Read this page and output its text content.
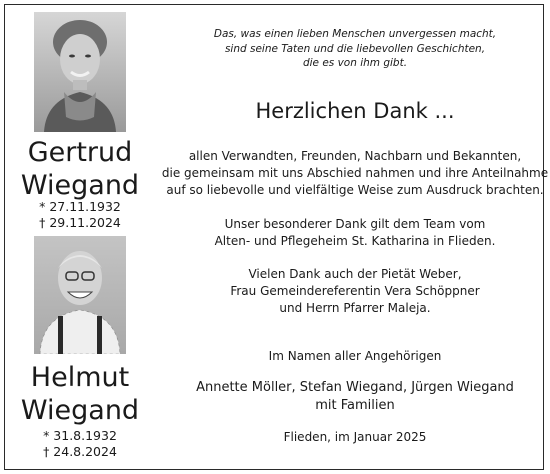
Gertrud
Wiegand
* 27.11.1932
† 29.11.2024
Helmut
Wiegand
* 31.8.1932
† 24.8.2024
Das, was einen lieben Menschen unvergessen macht,
sind seine Taten und die liebevollen Geschichten,
die es von ihm gibt.
Herzlichen Dank ...
allen Verwandten, Freunden, Nachbarn und Bekannten,
die gemeinsam mit uns Abschied nahmen und ihre Anteilnahme
auf so liebevolle und vielfältige Weise zum Ausdruck brachten.
Unser besonderer Dank gilt dem Team vom
Alten- und Pflegeheim St. Katharina in Flieden.
Vielen Dank auch der Pietät Weber,
Frau Gemeindereferentin Vera Schöppner
und Herrn Pfarrer Maleja.
Im Namen aller Angehörigen
Annette Möller, Stefan Wiegand, Jürgen Wiegand
mit Familien
Flieden, im Januar 2025
